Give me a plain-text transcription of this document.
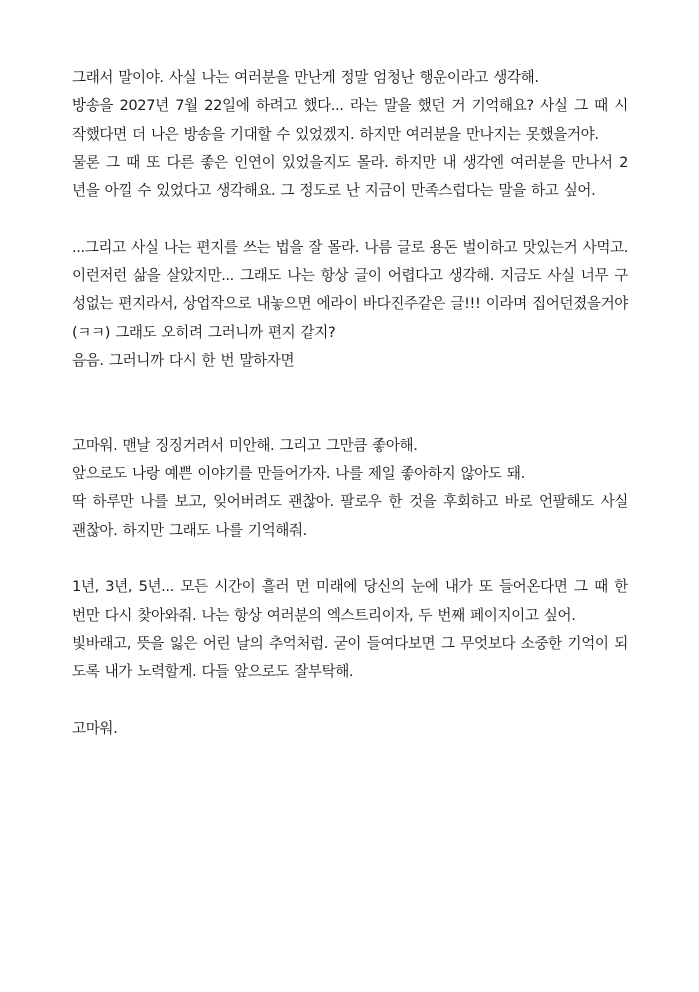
그래서 말이야. 사실 나는 여러분을 만난게 정말 엄청난 행운이라고 생각해.
방송을 2027년 7월 22일에 하려고 했다... 라는 말을 했던 거 기억해요? 사실 그 때 시
작했다면 더 나은 방송을 기대할 수 있었겠지. 하지만 여러분을 만나지는 못했을거야.
물론 그 때 또 다른 좋은 인연이 있었을지도 몰라. 하지만 내 생각엔 여러분을 만나서 2
년을 아낄 수 있었다고 생각해요. 그 정도로 난 지금이 만족스럽다는 말을 하고 싶어.
...그리고 사실 나는 편지를 쓰는 법을 잘 몰라. 나름 글로 용돈 벌이하고 맛있는거 사먹고.
이런저런 삶을 살았지만... 그래도 나는 항상 글이 어렵다고 생각해. 지금도 사실 너무 구
성없는 편지라서, 상업작으로 내놓으면 에라이 바다진주같은 글!!! 이라며 집어던졌을거야
(ㅋㅋ) 그래도 오히려 그러니까 편지 같지?
음음. 그러니까 다시 한 번 말하자면
고마워. 맨날 징징거려서 미안해. 그리고 그만큼 좋아해.
앞으로도 나랑 예쁜 이야기를 만들어가자. 나를 제일 좋아하지 않아도 돼.
딱 하루만 나를 보고, 잊어버려도 괜찮아. 팔로우 한 것을 후회하고 바로 언팔해도 사실
괜찮아. 하지만 그래도 나를 기억해줘.
1년, 3년, 5년... 모든 시간이 흘러 먼 미래에 당신의 눈에 내가 또 들어온다면 그 때 한
번만 다시 찾아와줘. 나는 항상 여러분의 엑스트리이자, 두 번째 페이지이고 싶어.
빛바래고, 뜻을 잃은 어린 날의 추억처럼. 굳이 들여다보면 그 무엇보다 소중한 기억이 되
도록 내가 노력할게. 다들 앞으로도 잘부탁해.
고마워.
